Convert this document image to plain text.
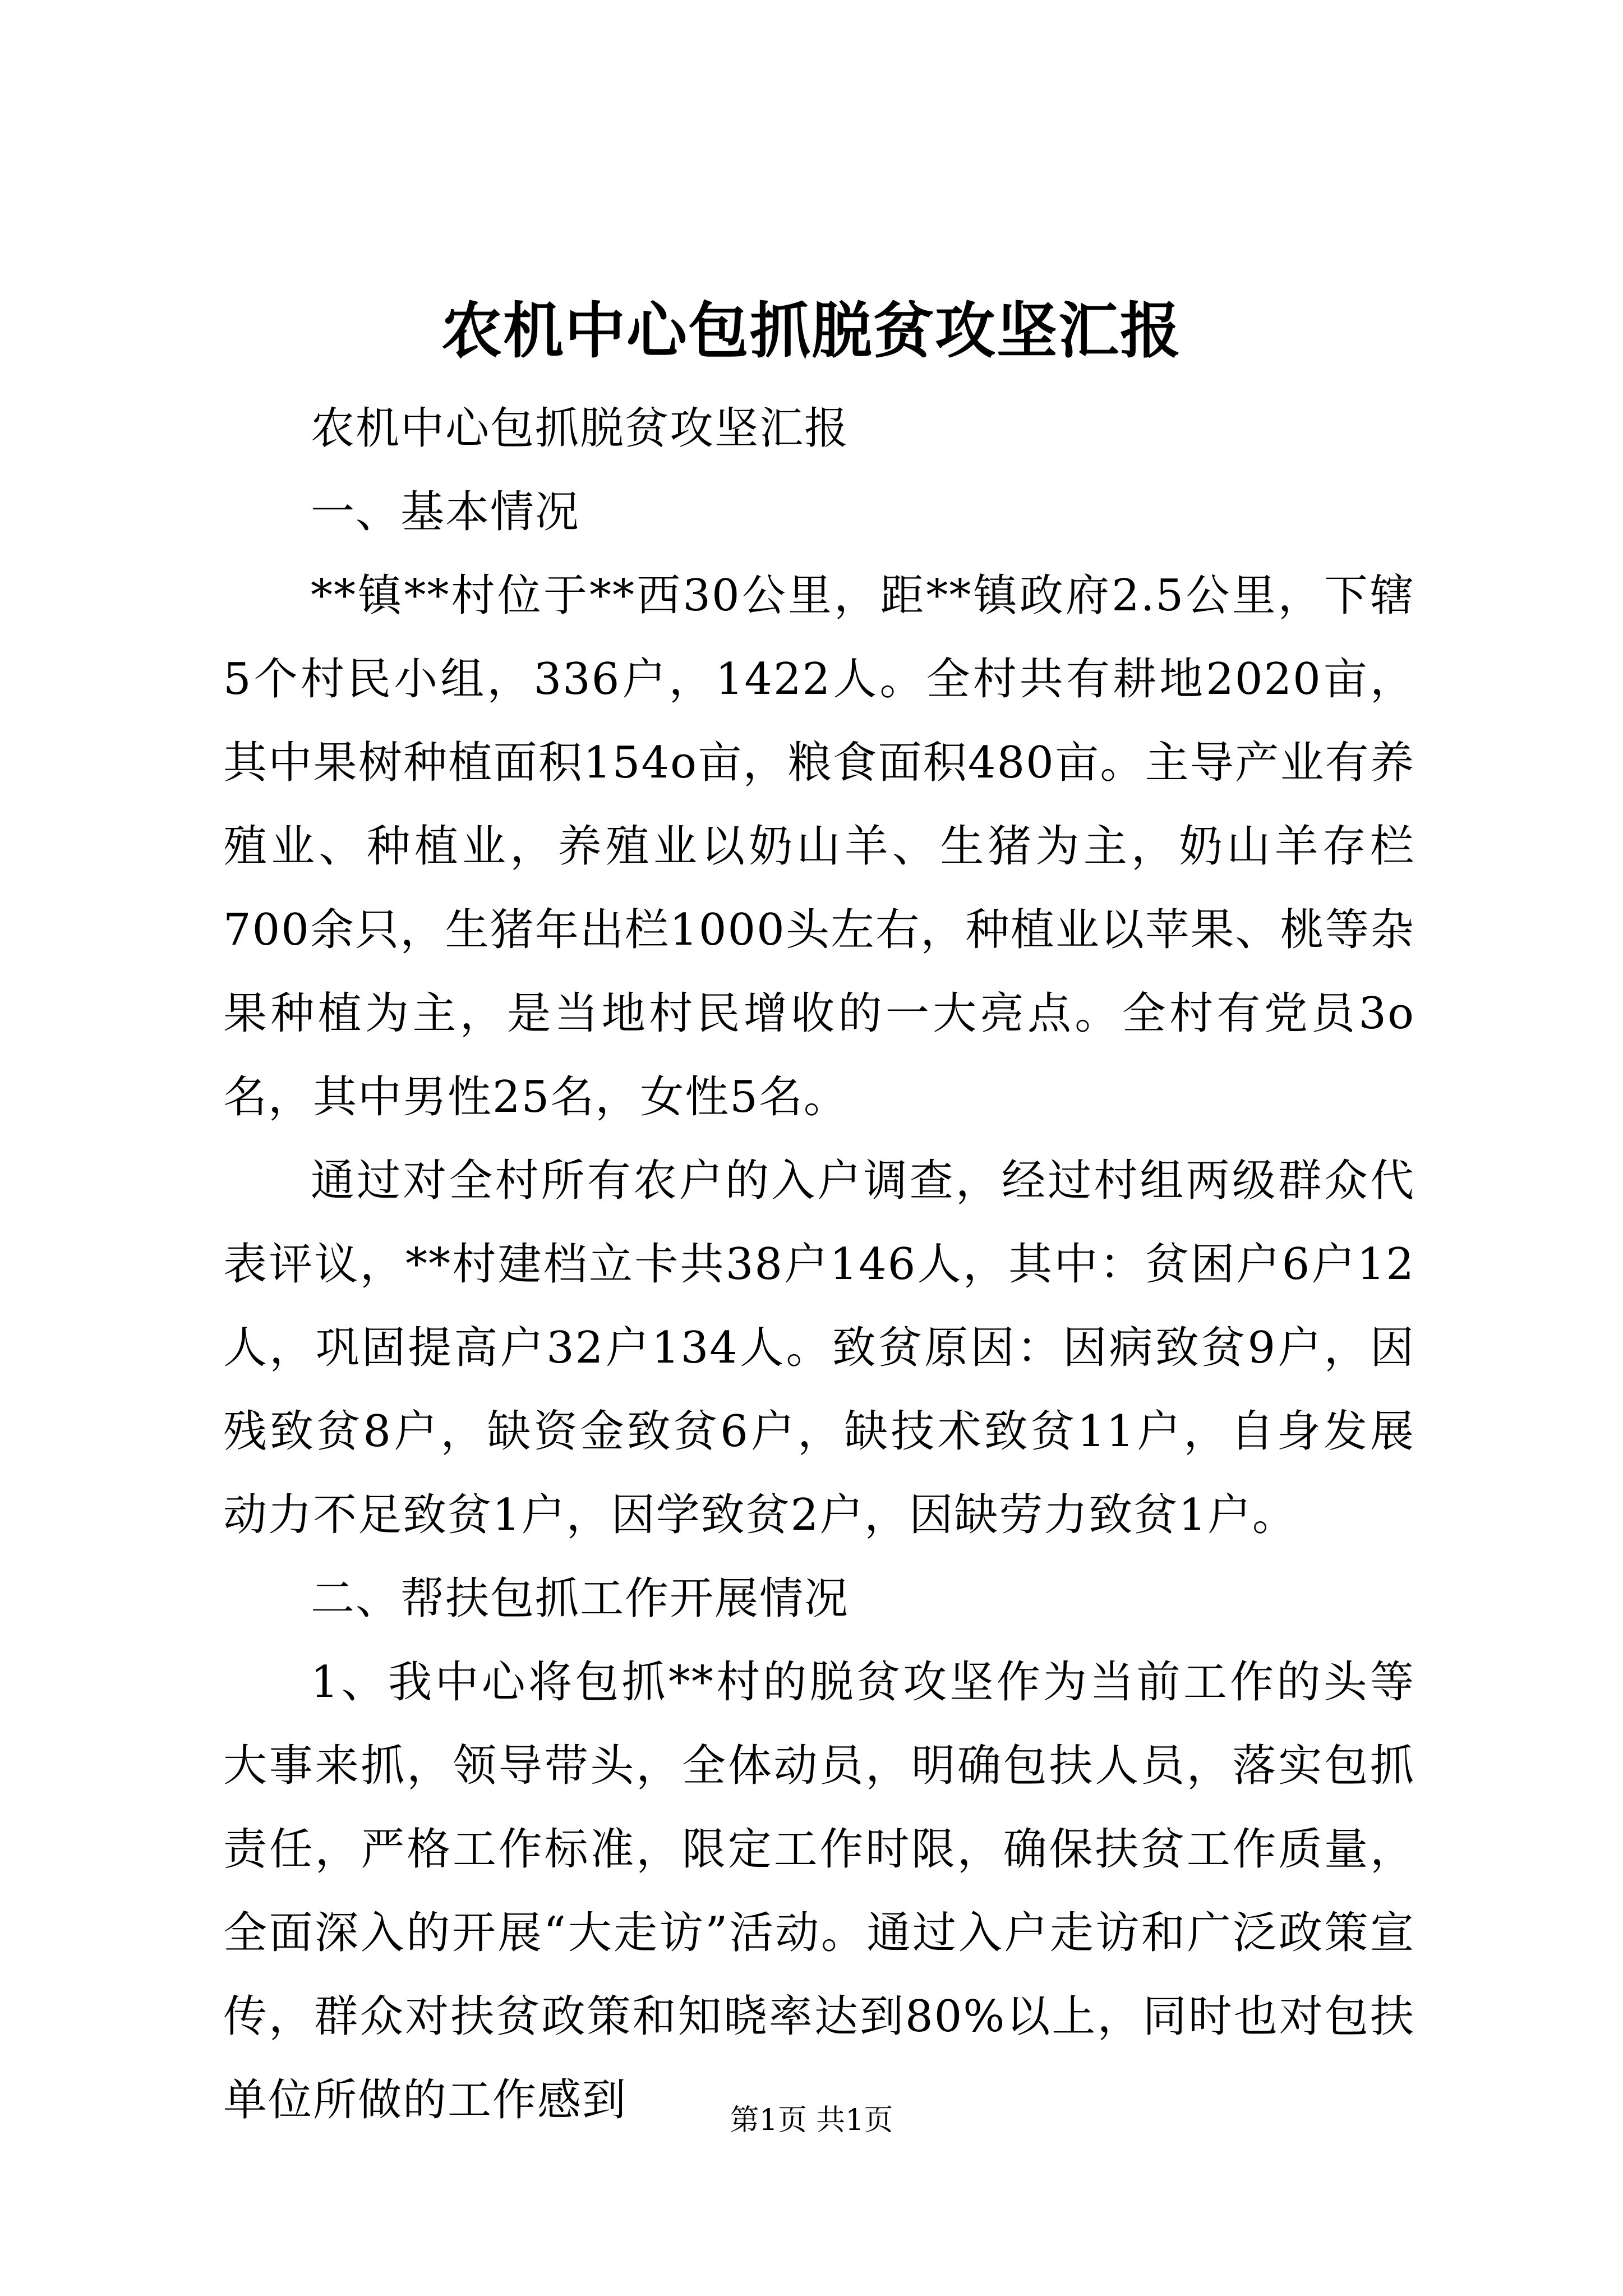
农机中心包抓脱贫攻坚汇报

农机中心包抓脱贫攻坚汇报

一、基本情况

**镇**村位于**西30公里，距**镇政府2.5公里，下辖5个村民小组，336户，1422人。全村共有耕地2020亩，其中果树种植面积154o亩，粮食面积480亩。主导产业有养殖业、种植业，养殖业以奶山羊、生猪为主，奶山羊存栏700余只，生猪年出栏1000头左右，种植业以苹果、桃等杂果种植为主，是当地村民增收的一大亮点。全村有党员3o名，其中男性25名，女性5名。

通过对全村所有农户的入户调查，经过村组两级群众代表评议，**村建档立卡共38户146人，其中：贫困户6户12人，巩固提高户32户134人。致贫原因：因病致贫9户，因残致贫8户，缺资金致贫6户，缺技术致贫11户，自身发展动力不足致贫1户，因学致贫2户，因缺劳力致贫1户。

二、帮扶包抓工作开展情况

1、我中心将包抓**村的脱贫攻坚作为当前工作的头等大事来抓，领导带头，全体动员，明确包扶人员，落实包抓责任，严格工作标准，限定工作时限，确保扶贫工作质量，全面深入的开展“大走访”活动。通过入户走访和广泛政策宣传，群众对扶贫政策和知晓率达到80%以上，同时也对包扶单位所做的工作感到	第1页 共1页
